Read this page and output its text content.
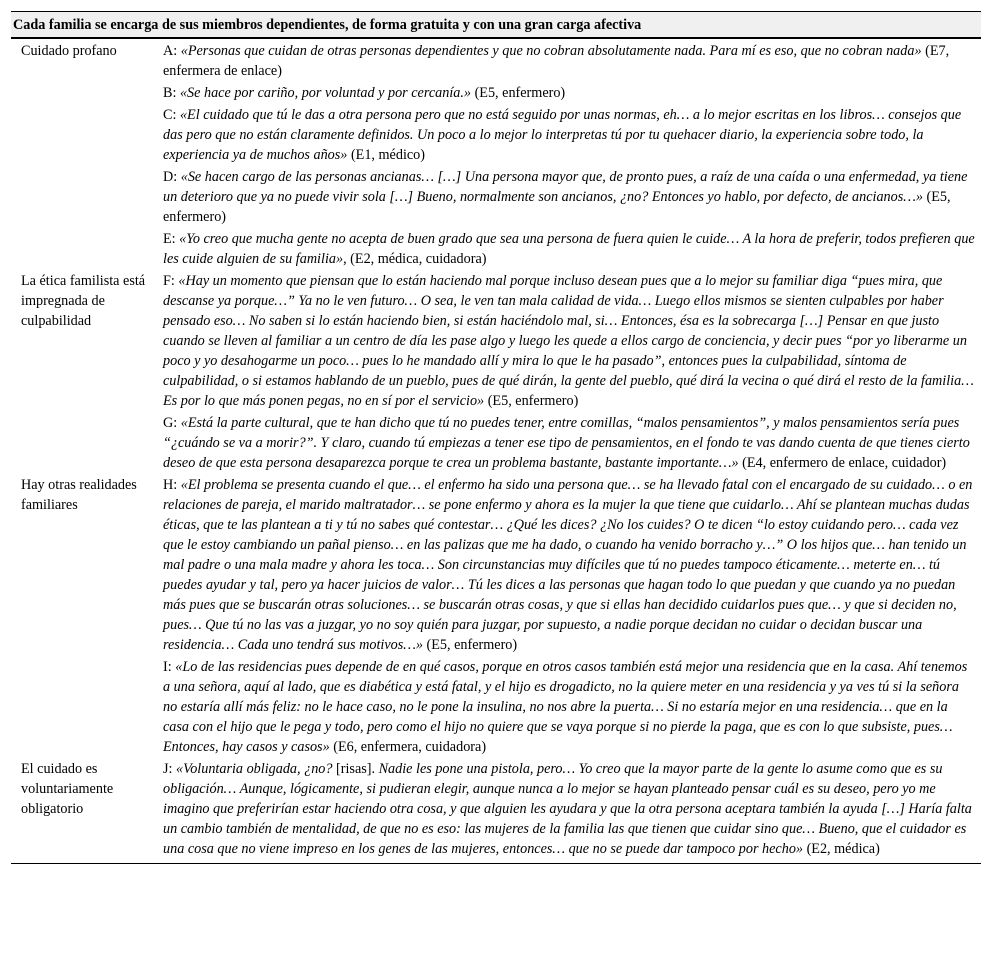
Cada familia se encarga de sus miembros dependientes, de forma gratuita y con una gran carga afectiva
Cuidado profano	A: «Personas que cuidan de otras personas dependientes y que no cobran absolutamente nada. Para mí es eso, que no cobran nada» (E7, enfermera de enlace)
	B: «Se hace por cariño, por voluntad y por cercanía.» (E5, enfermero)
	C: «El cuidado que tú le das a otra persona pero que no está seguido por unas normas, eh… a lo mejor escritas en los libros… consejos que das pero que no están claramente definidos. Un poco a lo mejor lo interpretas tú por tu quehacer diario, la experiencia sobre todo, la experiencia ya de muchos años» (E1, médico)
	D: «Se hacen cargo de las personas ancianas… […] Una persona mayor que, de pronto pues, a raíz de una caída o una enfermedad, ya tiene un deterioro que ya no puede vivir sola […] Bueno, normalmente son ancianos, ¿no? Entonces yo hablo, por defecto, de ancianos…» (E5, enfermero)
	E: «Yo creo que mucha gente no acepta de buen grado que sea una persona de fuera quien le cuide… A la hora de preferir, todos prefieren que les cuide alguien de su familia», (E2, médica, cuidadora)
La ética familista está impregnada de culpabilidad	F: «Hay un momento que piensan que lo están haciendo mal porque incluso desean pues que a lo mejor su familiar diga “pues mira, que descanse ya porque…” Ya no le ven futuro… O sea, le ven tan mala calidad de vida… Luego ellos mismos se sienten culpables por haber pensado eso… No saben si lo están haciendo bien, si están haciéndolo mal, si… Entonces, ésa es la sobrecarga […] Pensar en que justo cuando se lleven al familiar a un centro de día les pase algo y luego les quede a ellos cargo de conciencia, y decir pues “por yo liberarme un poco y yo desahogarme un poco… pues lo he mandado allí y mira lo que le ha pasado”, entonces pues la culpabilidad, síntoma de culpabilidad, o si estamos hablando de un pueblo, pues de qué dirán, la gente del pueblo, qué dirá la vecina o qué dirá el resto de la familia… Es por lo que más ponen pegas, no en sí por el servicio» (E5, enfermero)
	G: «Está la parte cultural, que te han dicho que tú no puedes tener, entre comillas, “malos pensamientos”, y malos pensamientos sería pues “¿cuándo se va a morir?”. Y claro, cuando tú empiezas a tener ese tipo de pensamientos, en el fondo te vas dando cuenta de que tienes cierto deseo de que esta persona desaparezca porque te crea un problema bastante, bastante importante…» (E4, enfermero de enlace, cuidador)
Hay otras realidades familiares	H: «El problema se presenta cuando el que… el enfermo ha sido una persona que… se ha llevado fatal con el encargado de su cuidado… o en relaciones de pareja, el marido maltratador… se pone enfermo y ahora es la mujer la que tiene que cuidarlo… Ahí se plantean muchas dudas éticas, que te las plantean a ti y tú no sabes qué contestar… ¿Qué les dices? ¿No los cuides? O te dicen “lo estoy cuidando pero… cada vez que le estoy cambiando un pañal pienso… en las palizas que me ha dado, o cuando ha venido borracho y…” O los hijos que… han tenido un mal padre o una mala madre y ahora les toca… Son circunstancias muy difíciles que tú no puedes tampoco éticamente… meterte en… tú puedes ayudar y tal, pero ya hacer juicios de valor… Tú les dices a las personas que hagan todo lo que puedan y que cuando ya no puedan más pues que se buscarán otras soluciones… se buscarán otras cosas, y que si ellas han decidido cuidarlos pues que… y que si deciden no, pues… Que tú no las vas a juzgar, yo no soy quién para juzgar, por supuesto, a nadie porque decidan no cuidar o decidan buscar una residencia… Cada uno tendrá sus motivos…» (E5, enfermero)
	I: «Lo de las residencias pues depende de en qué casos, porque en otros casos también está mejor una residencia que en la casa. Ahí tenemos a una señora, aquí al lado, que es diabética y está fatal, y el hijo es drogadicto, no la quiere meter en una residencia y ya ves tú si la señora no estaría allí más feliz: no le hace caso, no le pone la insulina, no nos abre la puerta… Si no estaría mejor en una residencia… que en la casa con el hijo que le pega y todo, pero como el hijo no quiere que se vaya porque si no pierde la paga, que es con lo que subsiste, pues… Entonces, hay casos y casos» (E6, enfermera, cuidadora)
El cuidado es voluntariamente obligatorio	J: «Voluntaria obligada, ¿no? [risas]. Nadie les pone una pistola, pero… Yo creo que la mayor parte de la gente lo asume como que es su obligación… Aunque, lógicamente, si pudieran elegir, aunque nunca a lo mejor se hayan planteado pensar cuál es su deseo, pero yo me imagino que preferirían estar haciendo otra cosa, y que alguien les ayudara y que la otra persona aceptara también la ayuda […] Haría falta un cambio también de mentalidad, de que no es eso: las mujeres de la familia las que tienen que cuidar sino que… Bueno, que el cuidador es una cosa que no viene impreso en los genes de las mujeres, entonces… que no se puede dar tampoco por hecho» (E2, médica)
